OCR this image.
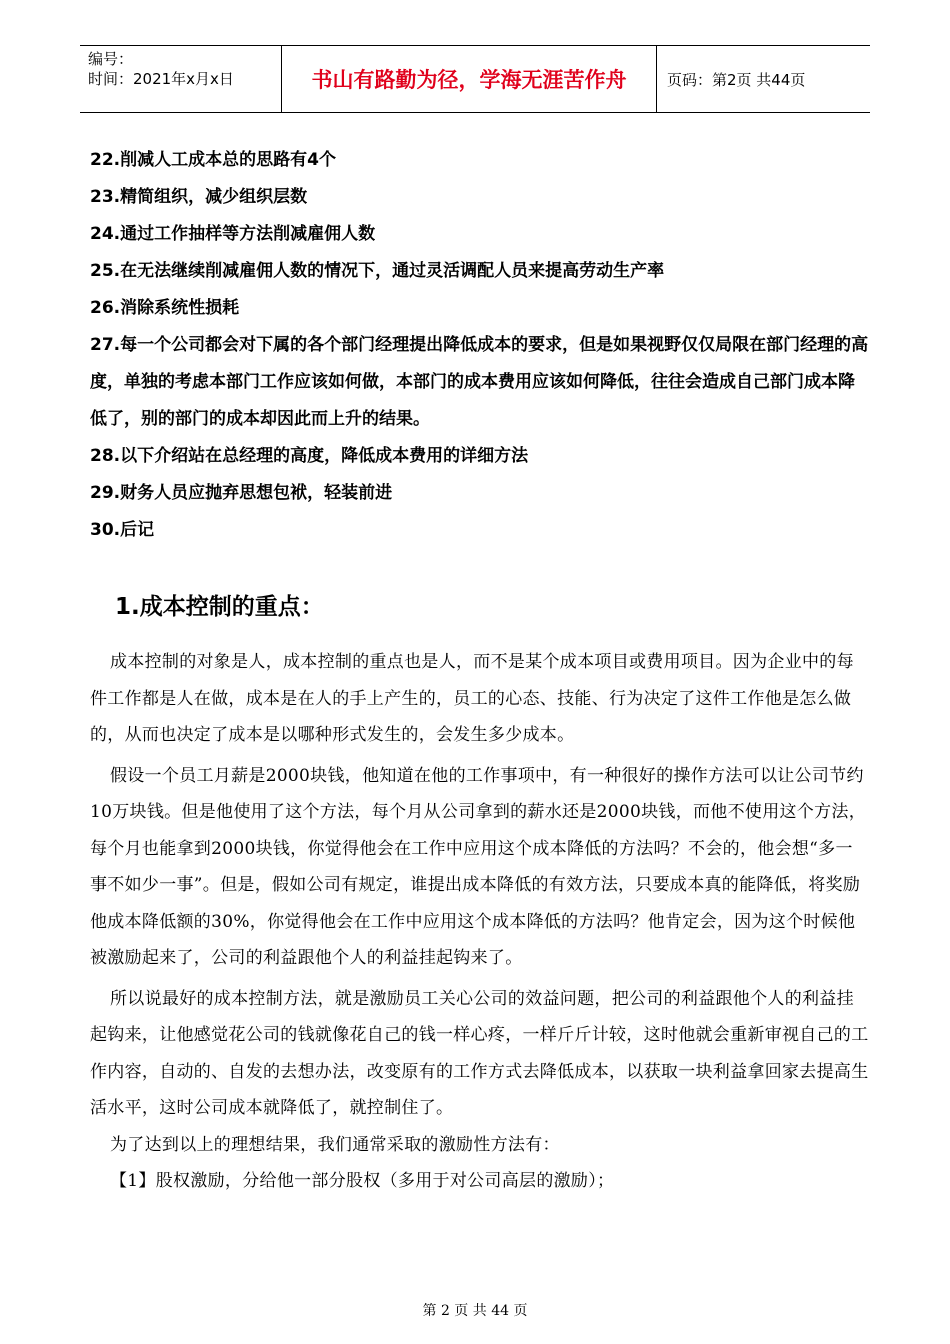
编号：
时间：2021年x月x日	书山有路勤为径，学海无涯苦作舟	页码：第2页 共44页
22.削减人工成本总的思路有4个
23.精简组织，减少组织层数
24.通过工作抽样等方法削减雇佣人数
25.在无法继续削减雇佣人数的情况下，通过灵活调配人员来提高劳动生产率
26.消除系统性损耗
27.每一个公司都会对下属的各个部门经理提出降低成本的要求，但是如果视野仅仅局限在部门经理的高度，单独的考虑本部门工作应该如何做，本部门的成本费用应该如何降低，往往会造成自己部门成本降低了，别的部门的成本却因此而上升的结果。
28.以下介绍站在总经理的高度，降低成本费用的详细方法
29.财务人员应抛弃思想包袱，轻装前进
30.后记
1.成本控制的重点：

成本控制的对象是人，成本控制的重点也是人，而不是某个成本项目或费用项目。因为企业中的每件工作都是人在做，成本是在人的手上产生的，员工的心态、技能、行为决定了这件工作他是怎么做的，从而也决定了成本是以哪种形式发生的，会发生多少成本。

假设一个员工月薪是2000块钱，他知道在他的工作事项中，有一种很好的操作方法可以让公司节约10万块钱。但是他使用了这个方法，每个月从公司拿到的薪水还是2000块钱，而他不使用这个方法，每个月也能拿到2000块钱，你觉得他会在工作中应用这个成本降低的方法吗？不会的，他会想“多一事不如少一事”。但是，假如公司有规定，谁提出成本降低的有效方法，只要成本真的能降低，将奖励他成本降低额的30%，你觉得他会在工作中应用这个成本降低的方法吗？他肯定会，因为这个时候他被激励起来了，公司的利益跟他个人的利益挂起钩来了。

所以说最好的成本控制方法，就是激励员工关心公司的效益问题，把公司的利益跟他个人的利益挂起钩来，让他感觉花公司的钱就像花自己的钱一样心疼，一样斤斤计较，这时他就会重新审视自己的工作内容，自动的、自发的去想办法，改变原有的工作方式去降低成本，以获取一块利益拿回家去提高生活水平，这时公司成本就降低了，就控制住了。

为了达到以上的理想结果，我们通常采取的激励性方法有：

【1】股权激励，分给他一部分股权（多用于对公司高层的激励）；

第 2 页 共 44 页
